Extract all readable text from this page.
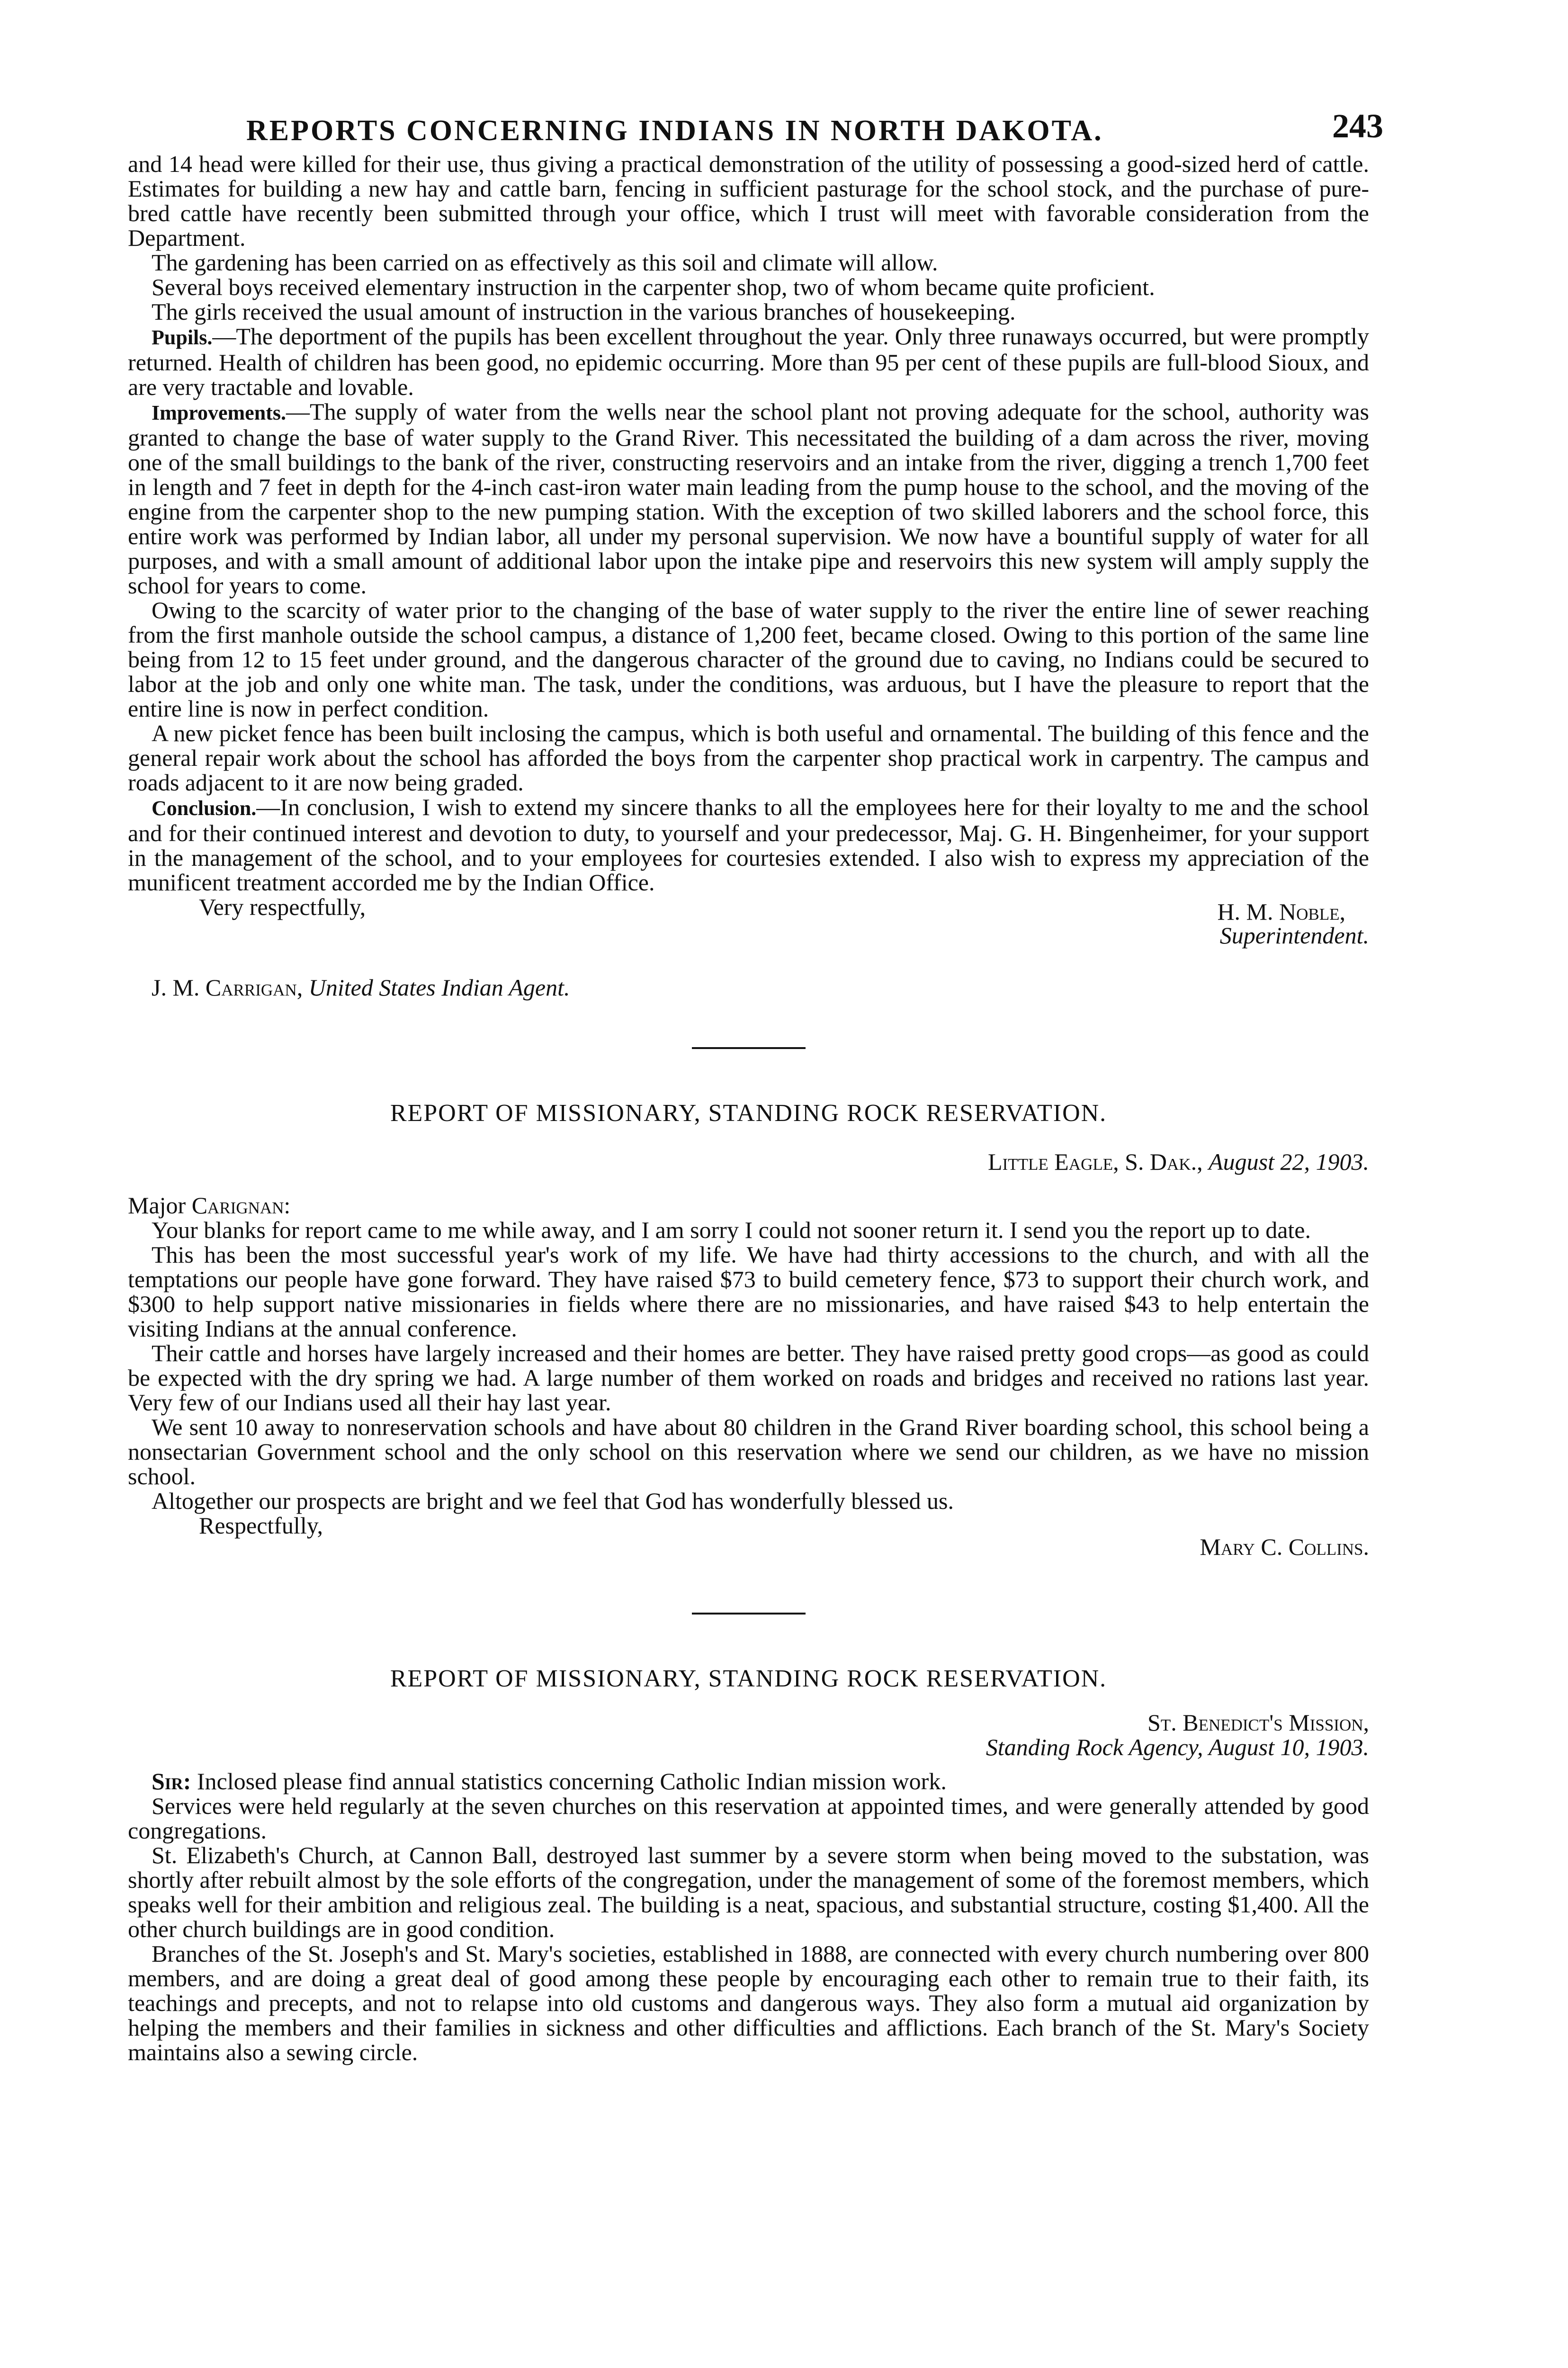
REPORTS CONCERNING INDIANS IN NORTH DAKOTA.	243

and 14 head were killed for their use, thus giving a practical demonstration of the utility of possessing a good-sized herd of cattle. Estimates for building a new hay and cattle barn, fencing in sufficient pasturage for the school stock, and the purchase of pure-bred cattle have recently been submitted through your office, which I trust will meet with favorable consideration from the Department.

The gardening has been carried on as effectively as this soil and climate will allow.

Several boys received elementary instruction in the carpenter shop, two of whom became quite proficient.

The girls received the usual amount of instruction in the various branches of housekeeping.

Pupils.—The deportment of the pupils has been excellent throughout the year. Only three runaways occurred, but were promptly returned. Health of children has been good, no epidemic occurring. More than 95 per cent of these pupils are full-blood Sioux, and are very tractable and lovable.

Improvements.—The supply of water from the wells near the school plant not proving adequate for the school, authority was granted to change the base of water supply to the Grand River. This necessitated the building of a dam across the river, moving one of the small buildings to the bank of the river, constructing reservoirs and an intake from the river, digging a trench 1,700 feet in length and 7 feet in depth for the 4-inch cast-iron water main leading from the pump house to the school, and the moving of the engine from the carpenter shop to the new pumping station. With the exception of two skilled laborers and the school force, this entire work was performed by Indian labor, all under my personal supervision. We now have a bountiful supply of water for all purposes, and with a small amount of additional labor upon the intake pipe and reservoirs this new system will amply supply the school for years to come.

Owing to the scarcity of water prior to the changing of the base of water supply to the river the entire line of sewer reaching from the first manhole outside the school campus, a distance of 1,200 feet, became closed. Owing to this portion of the same line being from 12 to 15 feet under ground, and the dangerous character of the ground due to caving, no Indians could be secured to labor at the job and only one white man. The task, under the conditions, was arduous, but I have the pleasure to report that the entire line is now in perfect condition.

A new picket fence has been built inclosing the campus, which is both useful and ornamental. The building of this fence and the general repair work about the school has afforded the boys from the carpenter shop practical work in carpentry. The campus and roads adjacent to it are now being graded.

Conclusion.—In conclusion, I wish to extend my sincere thanks to all the employees here for their loyalty to me and the school and for their continued interest and devotion to duty, to yourself and your predecessor, Maj. G. H. Bingenheimer, for your support in the management of the school, and to your employees for courtesies extended. I also wish to express my appreciation of the munificent treatment accorded me by the Indian Office.

Very respectfully,	H. M. Noble,
Superintendent.
J. M. Carrigan, United States Indian Agent.
REPORT OF MISSIONARY, STANDING ROCK RESERVATION.
Little Eagle, S. Dak., August 22, 1903.

Major Carignan:

Your blanks for report came to me while away, and I am sorry I could not sooner return it. I send you the report up to date.

This has been the most successful year's work of my life. We have had thirty accessions to the church, and with all the temptations our people have gone forward. They have raised $73 to build cemetery fence, $73 to support their church work, and $300 to help support native missionaries in fields where there are no missionaries, and have raised $43 to help entertain the visiting Indians at the annual conference.

Their cattle and horses have largely increased and their homes are better. They have raised pretty good crops—as good as could be expected with the dry spring we had. A large number of them worked on roads and bridges and received no rations last year. Very few of our Indians used all their hay last year.

We sent 10 away to nonreservation schools and have about 80 children in the Grand River boarding school, this school being a nonsectarian Government school and the only school on this reservation where we send our children, as we have no mission school.

Altogether our prospects are bright and we feel that God has wonderfully blessed us.

Respectfully,
Mary C. Collins.
REPORT OF MISSIONARY, STANDING ROCK RESERVATION.
St. Benedict's Mission,
Standing Rock Agency, August 10, 1903.

Sir: Inclosed please find annual statistics concerning Catholic Indian mission work.

Services were held regularly at the seven churches on this reservation at appointed times, and were generally attended by good congregations.

St. Elizabeth's Church, at Cannon Ball, destroyed last summer by a severe storm when being moved to the substation, was shortly after rebuilt almost by the sole efforts of the congregation, under the management of some of the foremost members, which speaks well for their ambition and religious zeal. The building is a neat, spacious, and substantial structure, costing $1,400. All the other church buildings are in good condition.

Branches of the St. Joseph's and St. Mary's societies, established in 1888, are connected with every church numbering over 800 members, and are doing a great deal of good among these people by encouraging each other to remain true to their faith, its teachings and precepts, and not to relapse into old customs and dangerous ways. They also form a mutual aid organization by helping the members and their families in sickness and other difficulties and afflictions. Each branch of the St. Mary's Society maintains also a sewing circle.
